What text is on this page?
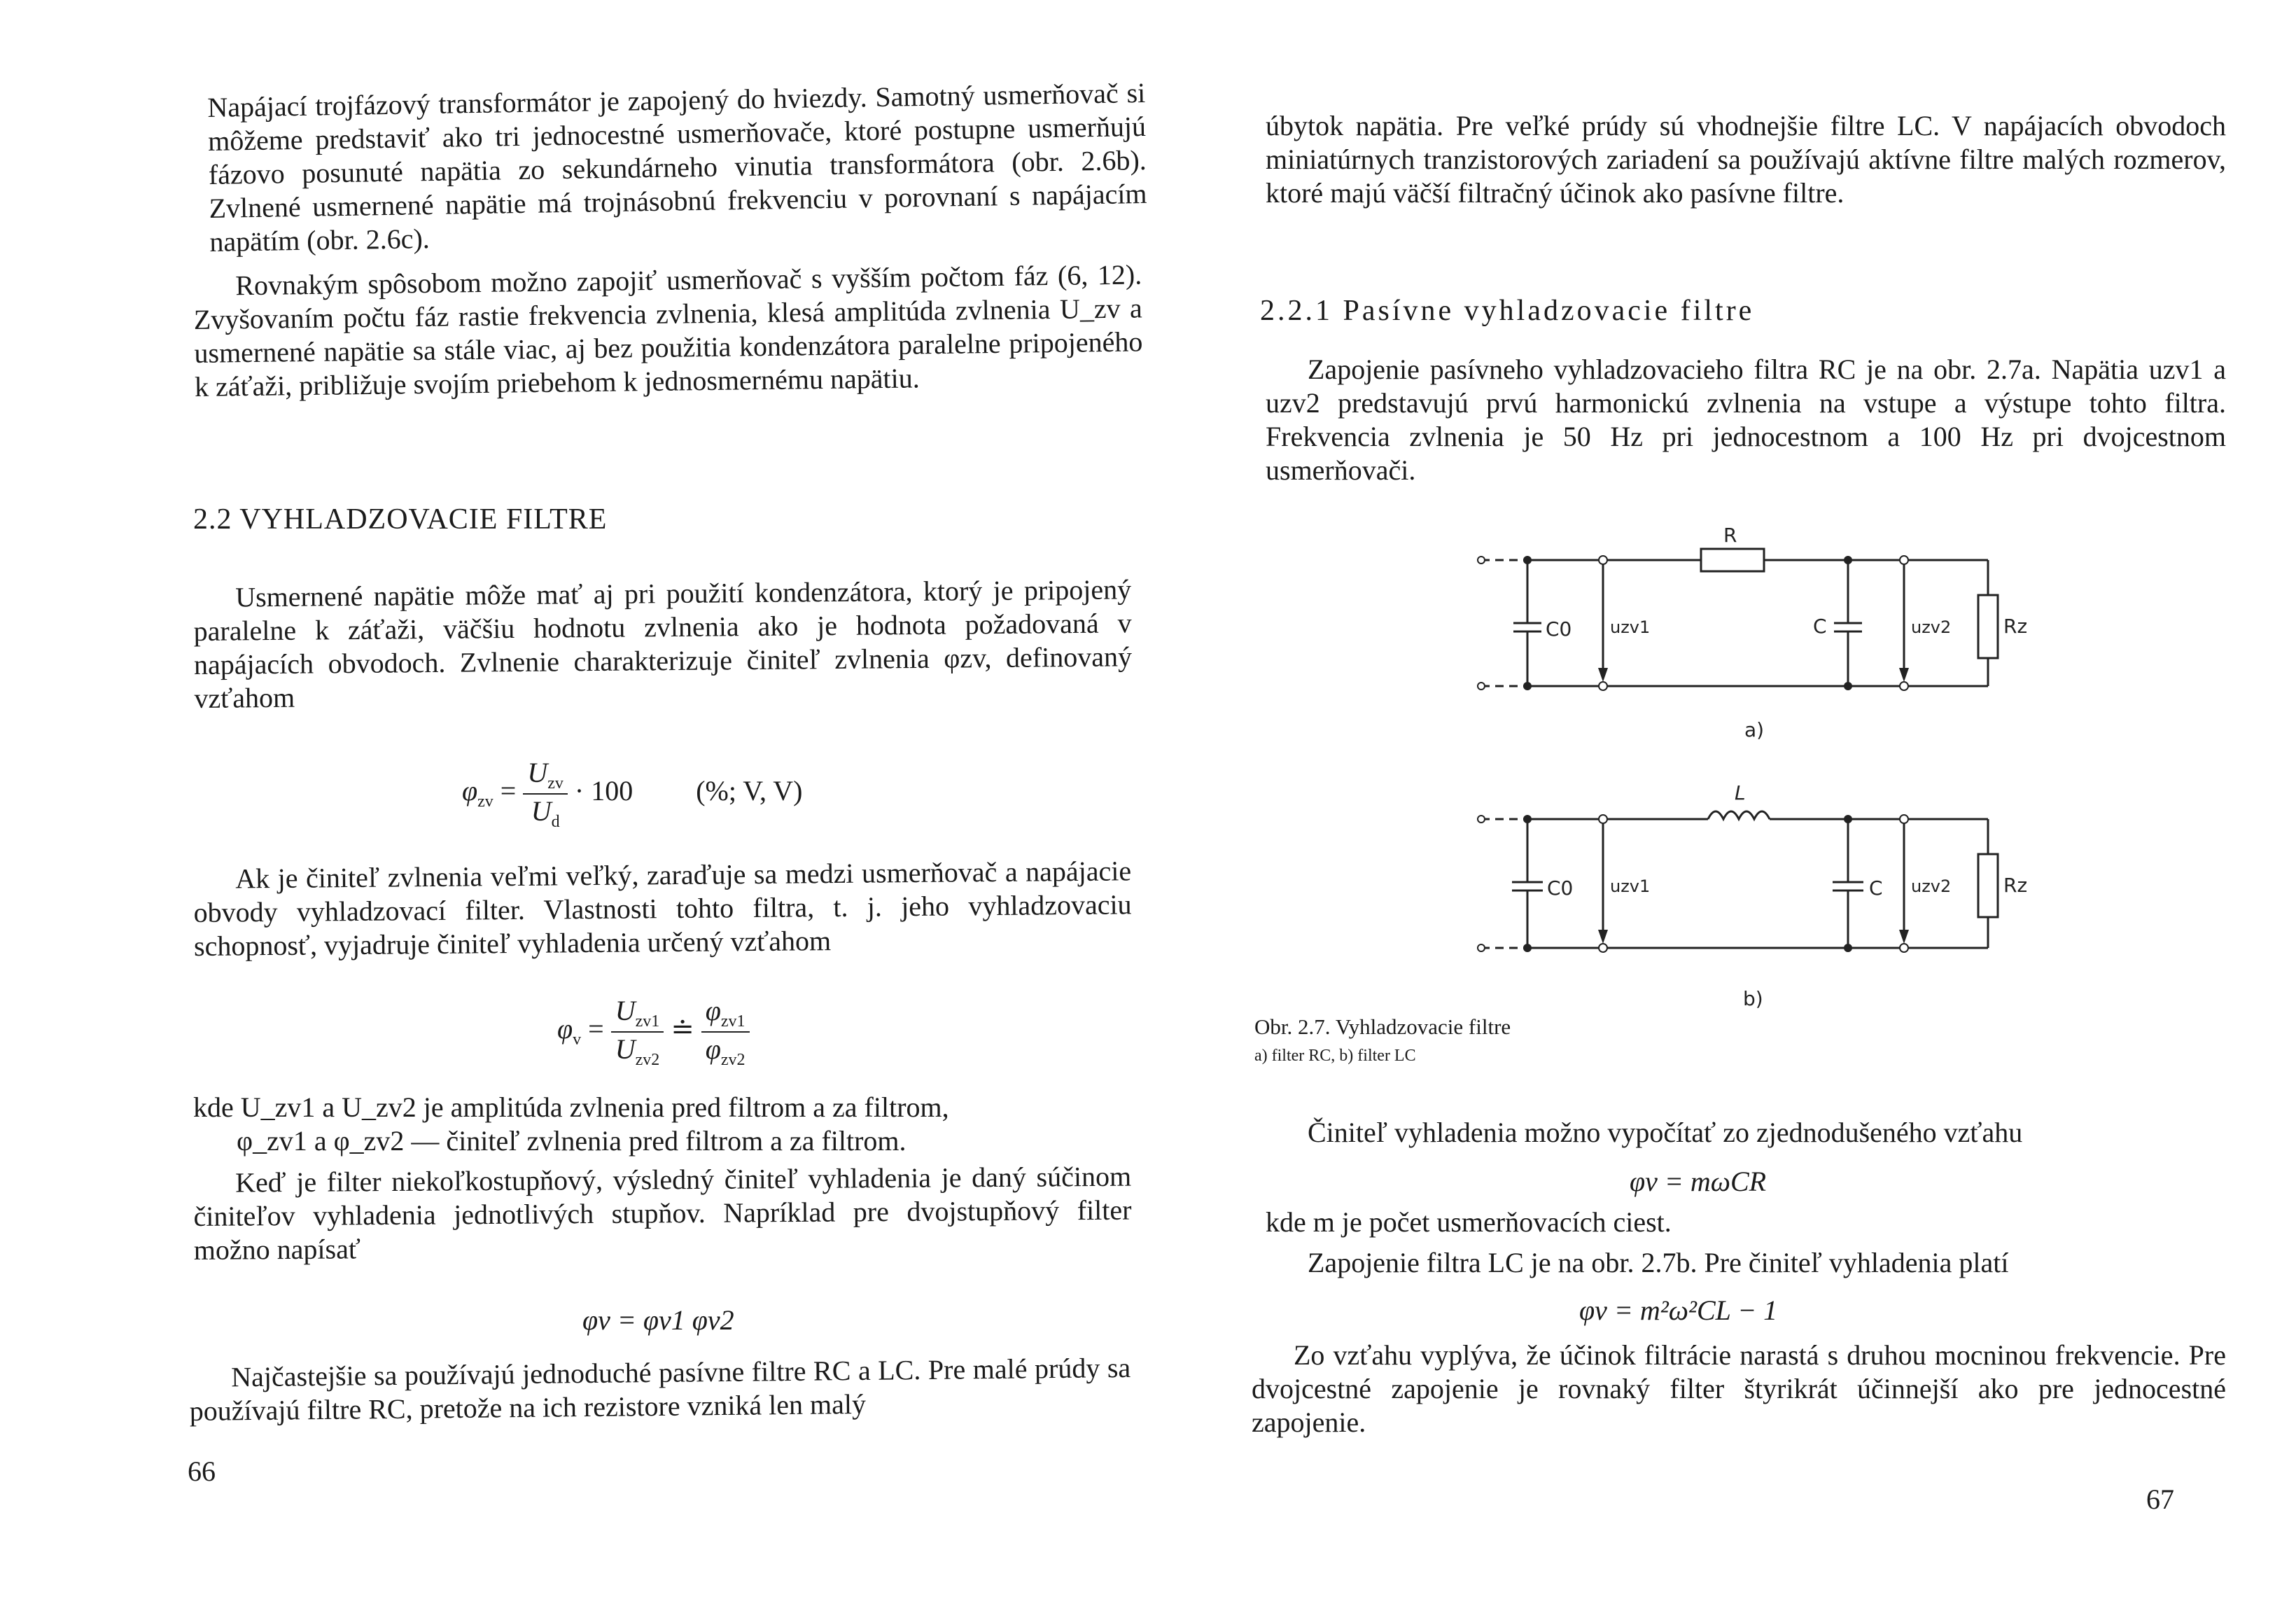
Napájací trojfázový transformátor je zapojený do hviezdy. Samotný usmerňovač si môžeme predstaviť ako tri jednocestné usmerňovače, ktoré postupne usmerňujú fázovo posunuté napätia zo sekundárneho vinutia transformátora (obr. 2.6b). Zvlnené usmernené napätie má trojnásobnú frekvenciu v porovnaní s napájacím napätím (obr. 2.6c).

Rovnakým spôsobom možno zapojiť usmerňovač s vyšším počtom fáz (6, 12). Zvyšovaním počtu fáz rastie frekvencia zvlnenia, klesá amplitúda zvlnenia U_zv a usmernené napätie sa stále viac, aj bez použitia kondenzátora paralelne pripojeného k záťaži, približuje svojím priebehom k jednosmernému napätiu.

2.2 VYHLADZOVACIE FILTRE

Usmernené napätie môže mať aj pri použití kondenzátora, ktorý je pripojený paralelne k záťaži, väčšiu hodnotu zvlnenia ako je hodnota požadovaná v napájacích obvodoch. Zvlnenie charakterizuje činiteľ zvlnenia φzv, definovaný vzťahom

$\varphi_{zv} = \frac{U_{zv}}{U_d} \cdot 100$ (%; V, V)

Ak je činiteľ zvlnenia veľmi veľký, zaraďuje sa medzi usmerňovač a napájacie obvody vyhladzovací filter. Vlastnosti tohto filtra, t. j. jeho vyhladzovaciu schopnosť, vyjadruje činiteľ vyhladenia určený vzťahom

$\varphi_v = \frac{U_{zv1}}{U_{zv2}}$ ≐ $\frac{\varphi_{zv1}}{\varphi_{zv2}}$

kde U_zv1 a U_zv2 je amplitúda zvlnenia pred filtrom a za filtrom,

φ_zv1 a φ_zv2 — činiteľ zvlnenia pred filtrom a za filtrom.

Keď je filter niekoľkostupňový, výsledný činiteľ vyhladenia je daný súčinom činiteľov vyhladenia jednotlivých stupňov. Napríklad pre dvojstupňový filter možno napísať

φv = φv1 φv2

Najčastejšie sa používajú jednoduché pasívne filtre RC a LC. Pre malé prúdy sa používajú filtre RC, pretože na ich rezistore vzniká len malý

66

úbytok napätia. Pre veľké prúdy sú vhodnejšie filtre LC. V napájacích obvodoch miniatúrnych tranzistorových zariadení sa používajú aktívne filtre malých rozmerov, ktoré majú väčší filtračný účinok ako pasívne filtre.

2.2.1 Pasívne vyhladzovacie filtre

Zapojenie pasívneho vyhladzovacieho filtra RC je na obr. 2.7a. Napätia uzv1 a uzv2 predstavujú prvú harmonickú zvlnenia na vstupe a výstupe tohto filtra. Frekvencia zvlnenia je 50 Hz pri jednocestnom a 100 Hz pri dvojcestnom usmerňovači.

R
C0 uzv1	C	uzv2	Rz
a)
L
C0 uzv1	C uzv2	Rz
b)
Obr. 2.7. Vyhladzovacie filtre
a) filter RC, b) filter LC

Činiteľ vyhladenia možno vypočítať zo zjednodušeného vzťahu

φv = mωCR

kde m je počet usmerňovacích ciest.

Zapojenie filtra LC je na obr. 2.7b. Pre činiteľ vyhladenia platí

φv = m²ω²CL − 1

Zo vzťahu vyplýva, že účinok filtrácie narastá s druhou mocninou frekvencie. Pre dvojcestné zapojenie je rovnaký filter štyrikrát účinnejší ako pre jednocestné zapojenie.

67
